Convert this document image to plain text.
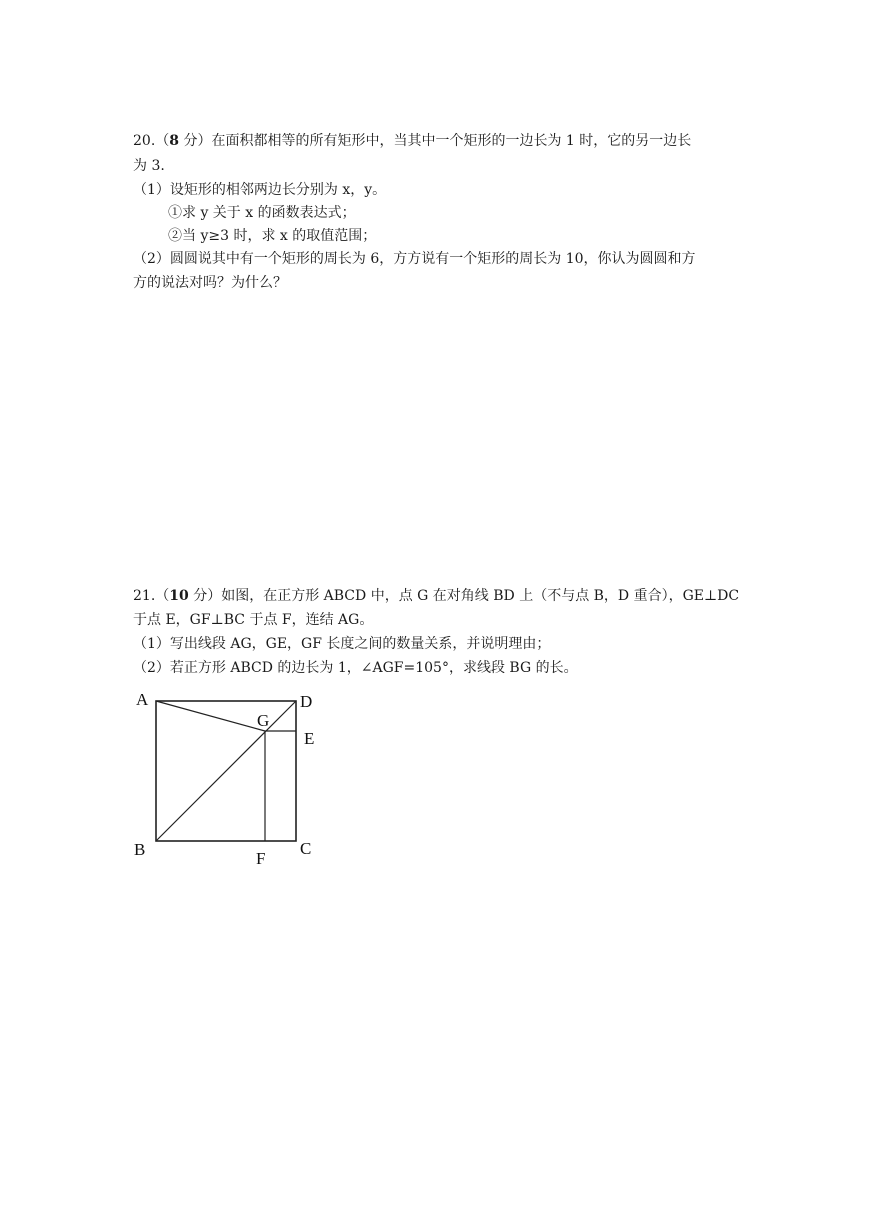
20.（8 分）在面积都相等的所有矩形中，当其中一个矩形的一边长为 1 时，它的另一边长
为 3.
（1）设矩形的相邻两边长分别为 x，y。
①求 y 关于 x 的函数表达式；
②当 y≥3 时，求 x 的取值范围；
（2）圆圆说其中有一个矩形的周长为 6，方方说有一个矩形的周长为 10，你认为圆圆和方
方的说法对吗？为什么？
21.（10 分）如图，在正方形 ABCD 中，点 G 在对角线 BD 上（不与点 B，D 重合），GE⊥DC
于点 E，GF⊥BC 于点 F，连结 AG。
（1）写出线段 AG，GE，GF 长度之间的数量关系，并说明理由；
（2）若正方形 ABCD 的边长为 1，∠AGF=105°，求线段 BG 的长。
A	D
G
E
B	F
C
